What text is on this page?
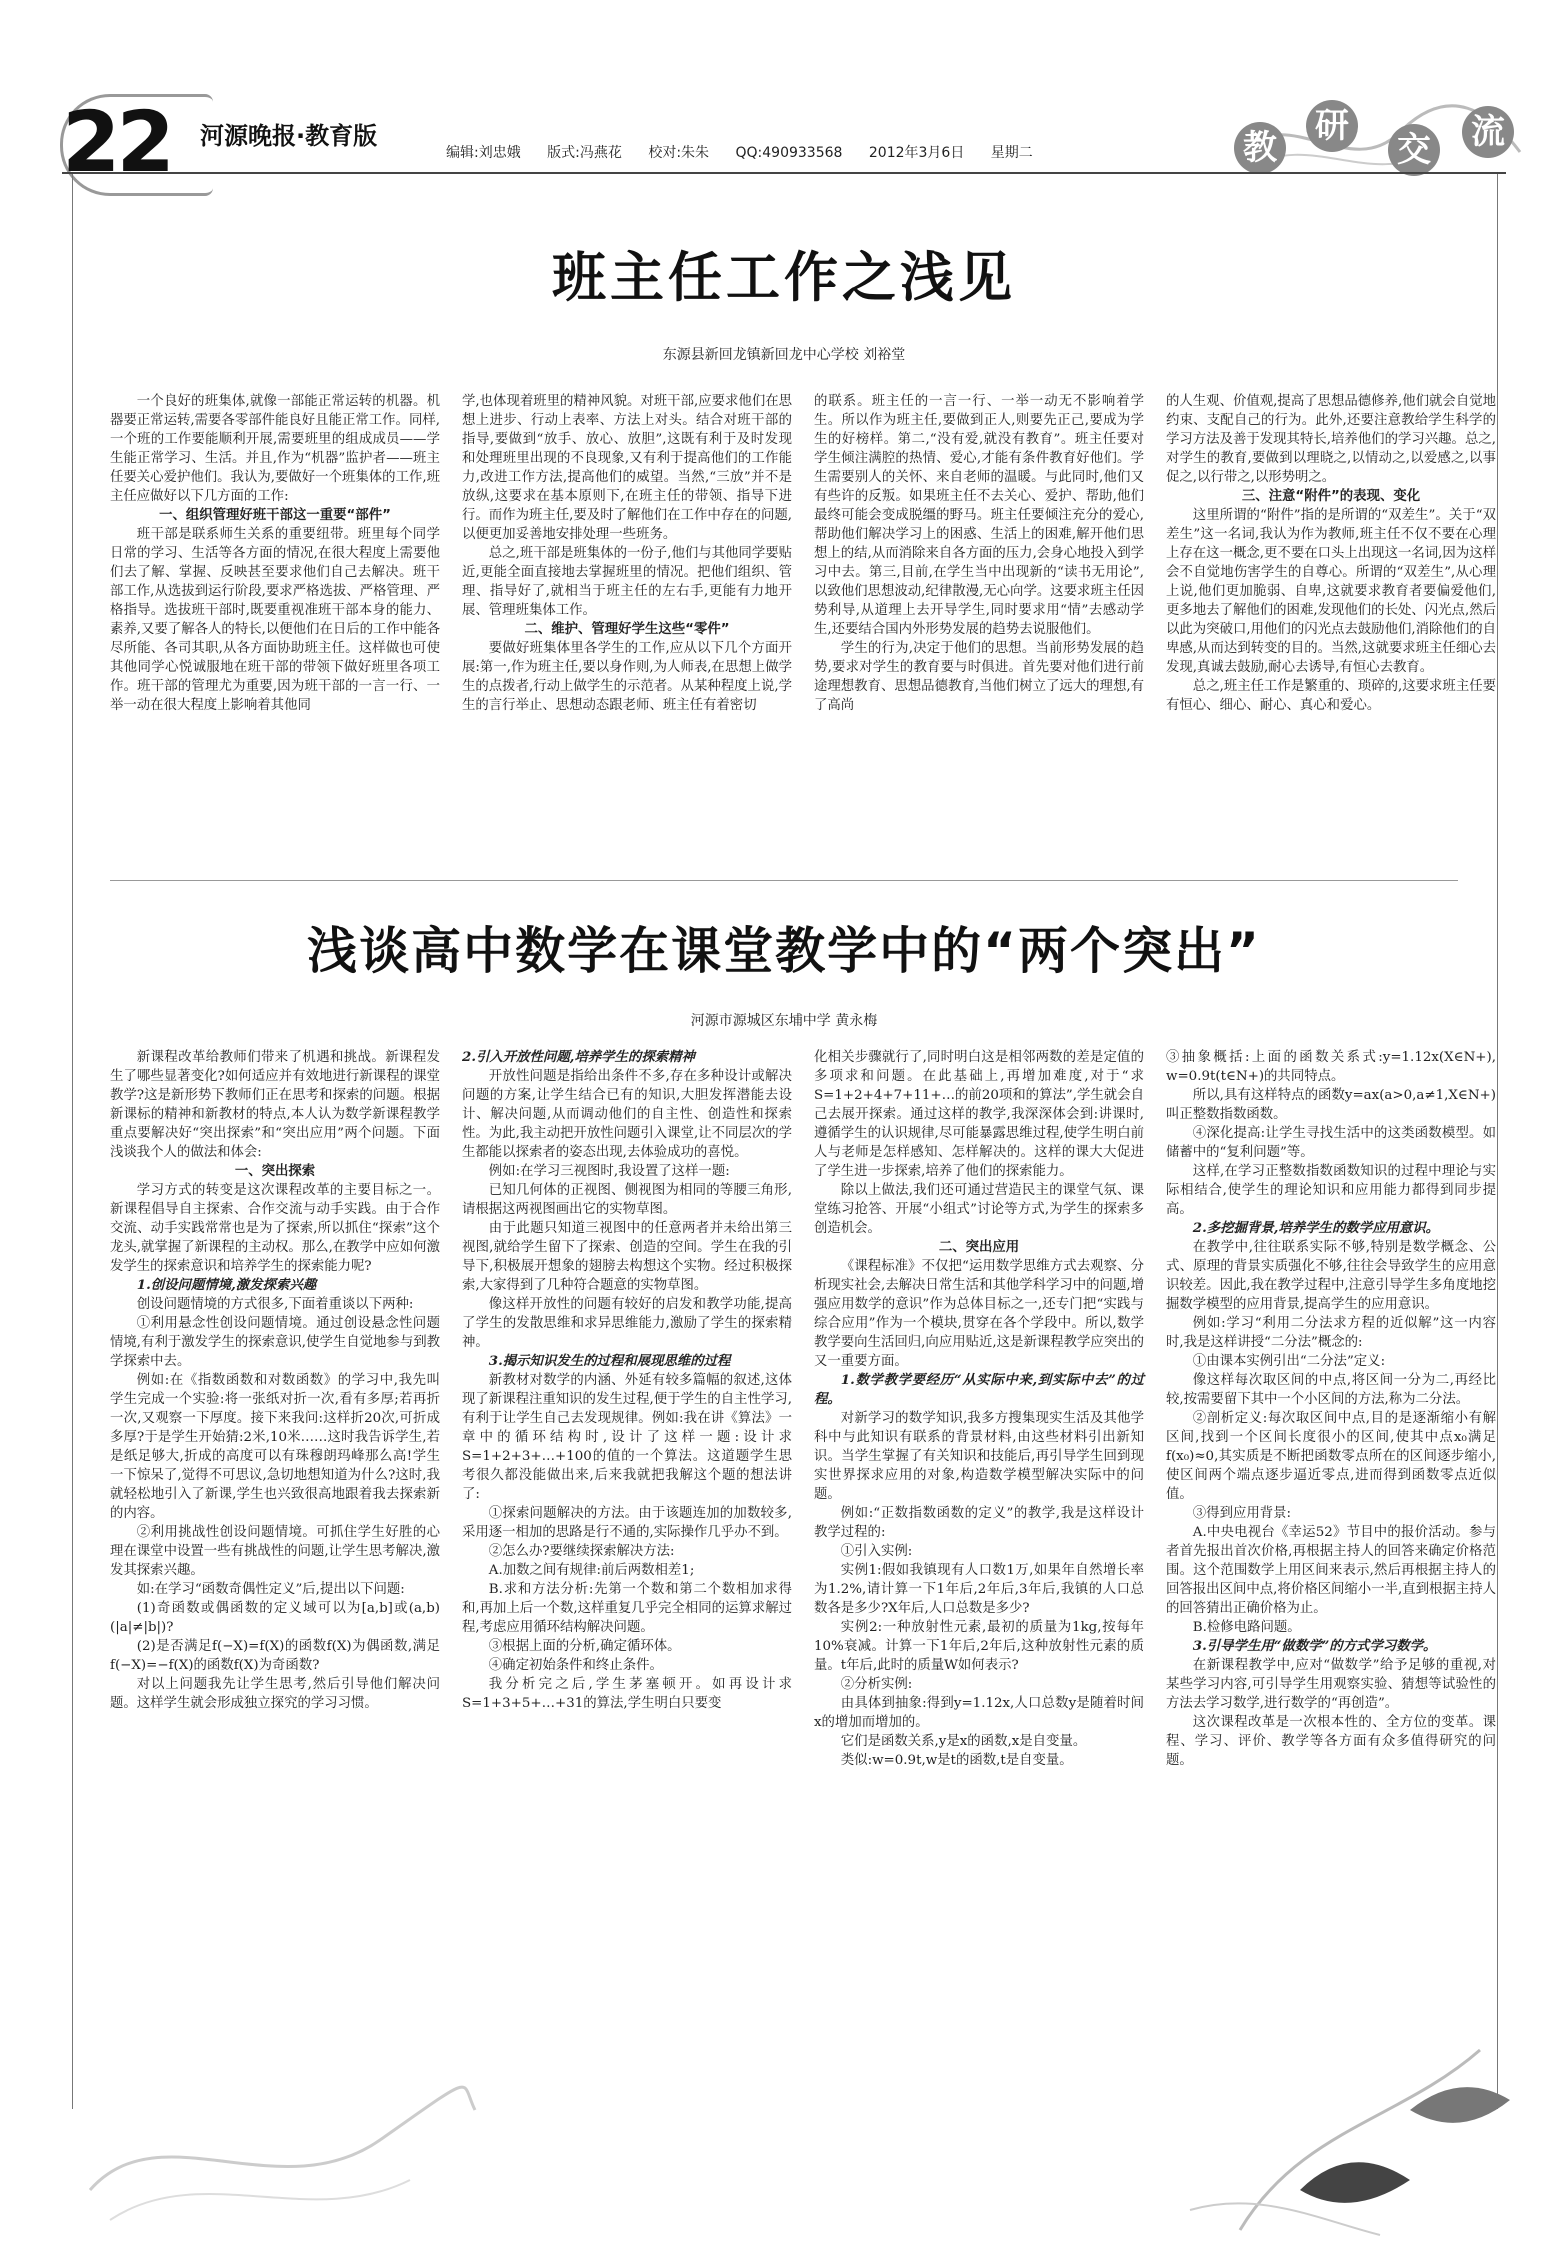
22	河源晚报·教育版
编辑:刘忠娥 版式:冯燕花 校对:朱朱 QQ:490933568 2012年3月6日 星期二	教
研
交 流
班主任工作之浅见
东源县新回龙镇新回龙中心学校 刘裕堂

一个良好的班集体,就像一部能正常运转的机器。机器要正常运转,需要各零部件能良好且能正常工作。同样,一个班的工作要能顺利开展,需要班里的组成成员——学生能正常学习、生活。并且,作为“机器”监护者——班主任要关心爱护他们。我认为,要做好一个班集体的工作,班主任应做好以下几方面的工作:

一、组织管理好班干部这一重要“部件”

班干部是联系师生关系的重要纽带。班里每个同学日常的学习、生活等各方面的情况,在很大程度上需要他们去了解、掌握、反映甚至要求他们自己去解决。班干部工作,从选拔到运行阶段,要求严格选拔、严格管理、严格指导。选拔班干部时,既要重视准班干部本身的能力、素养,又要了解各人的特长,以便他们在日后的工作中能各尽所能、各司其职,从各方面协助班主任。这样做也可使其他同学心悦诚服地在班干部的带领下做好班里各项工作。班干部的管理尤为重要,因为班干部的一言一行、一举一动在很大程度上影响着其他同

学,也体现着班里的精神风貌。对班干部,应要求他们在思想上进步、行动上表率、方法上对头。结合对班干部的指导,要做到“放手、放心、放胆”,这既有利于及时发现和处理班里出现的不良现象,又有利于提高他们的工作能力,改进工作方法,提高他们的威望。当然,“三放”并不是放纵,这要求在基本原则下,在班主任的带领、指导下进行。而作为班主任,要及时了解他们在工作中存在的问题,以便更加妥善地安排处理一些班务。

总之,班干部是班集体的一份子,他们与其他同学要贴近,更能全面直接地去掌握班里的情况。把他们组织、管理、指导好了,就相当于班主任的左右手,更能有力地开展、管理班集体工作。

二、维护、管理好学生这些“零件”

要做好班集体里各学生的工作,应从以下几个方面开展:第一,作为班主任,要以身作则,为人师表,在思想上做学生的点拨者,行动上做学生的示范者。从某种程度上说,学生的言行举止、思想动态跟老师、班主任有着密切

的联系。班主任的一言一行、一举一动无不影响着学生。所以作为班主任,要做到正人,则要先正己,要成为学生的好榜样。第二,“没有爱,就没有教育”。班主任要对学生倾注满腔的热情、爱心,才能有条件教育好他们。学生需要别人的关怀、来自老师的温暖。与此同时,他们又有些许的反叛。如果班主任不去关心、爱护、帮助,他们最终可能会变成脱缰的野马。班主任要倾注充分的爱心,帮助他们解决学习上的困惑、生活上的困难,解开他们思想上的结,从而消除来自各方面的压力,会身心地投入到学习中去。第三,目前,在学生当中出现新的“读书无用论”,以致他们思想波动,纪律散漫,无心向学。这要求班主任因势利导,从道理上去开导学生,同时要求用“情”去感动学生,还要结合国内外形势发展的趋势去说服他们。

学生的行为,决定于他们的思想。当前形势发展的趋势,要求对学生的教育要与时俱进。首先要对他们进行前途理想教育、思想品德教育,当他们树立了远大的理想,有了高尚

的人生观、价值观,提高了思想品德修养,他们就会自觉地约束、支配自己的行为。此外,还要注意教给学生科学的学习方法及善于发现其特长,培养他们的学习兴趣。总之,对学生的教育,要做到以理晓之,以情动之,以爱感之,以事促之,以行带之,以形势明之。

三、注意“附件”的表现、变化

这里所谓的“附件”指的是所谓的“双差生”。关于“双差生”这一名词,我认为作为教师,班主任不仅不要在心理上存在这一概念,更不要在口头上出现这一名词,因为这样会不自觉地伤害学生的自尊心。所谓的“双差生”,从心理上说,他们更加脆弱、自卑,这就要求教育者要偏爱他们,更多地去了解他们的困难,发现他们的长处、闪光点,然后以此为突破口,用他们的闪光点去鼓励他们,消除他们的自卑感,从而达到转变的目的。当然,这就要求班主任细心去发现,真诚去鼓励,耐心去诱导,有恒心去教育。

总之,班主任工作是繁重的、琐碎的,这要求班主任要有恒心、细心、耐心、真心和爱心。

浅谈高中数学在课堂教学中的“两个突出”
河源市源城区东埔中学 黄永梅

新课程改革给教师们带来了机遇和挑战。新课程发生了哪些显著变化?如何适应并有效地进行新课程的课堂教学?这是新形势下教师们正在思考和探索的问题。根据新课标的精神和新教材的特点,本人认为数学新课程教学重点要解决好“突出探索”和“突出应用”两个问题。下面浅谈我个人的做法和体会:

一、突出探索

学习方式的转变是这次课程改革的主要目标之一。新课程倡导自主探索、合作交流与动手实践。由于合作交流、动手实践常常也是为了探索,所以抓住“探索”这个龙头,就掌握了新课程的主动权。那么,在教学中应如何激发学生的探索意识和培养学生的探索能力呢?

1.创设问题情境,激发探索兴趣

创设问题情境的方式很多,下面着重谈以下两种:

①利用悬念性创设问题情境。通过创设悬念性问题情境,有利于激发学生的探索意识,使学生自觉地参与到教学探索中去。

例如:在《指数函数和对数函数》的学习中,我先叫学生完成一个实验:将一张纸对折一次,看有多厚;若再折一次,又观察一下厚度。接下来我问:这样折20次,可折成多厚?于是学生开始猜:2米,10米……这时我告诉学生,若是纸足够大,折成的高度可以有珠穆朗玛峰那么高!学生一下惊呆了,觉得不可思议,急切地想知道为什么?这时,我就轻松地引入了新课,学生也兴致很高地跟着我去探索新的内容。

②利用挑战性创设问题情境。可抓住学生好胜的心理在课堂中设置一些有挑战性的问题,让学生思考解决,激发其探索兴趣。

如:在学习“函数奇偶性定义”后,提出以下问题:

(1)奇函数或偶函数的定义域可以为[a,b]或(a,b)(|a|≠|b|)?

(2)是否满足f(−X)=f(X)的函数f(X)为偶函数,满足f(−X)=−f(X)的函数f(X)为奇函数?

对以上问题我先让学生思考,然后引导他们解决问题。这样学生就会形成独立探究的学习习惯。

2.引入开放性问题,培养学生的探索精神

开放性问题是指给出条件不多,存在多种设计或解决问题的方案,让学生结合已有的知识,大胆发挥潜能去设计、解决问题,从而调动他们的自主性、创造性和探索性。为此,我主动把开放性问题引入课堂,让不同层次的学生都能以探索者的姿态出现,去体验成功的喜悦。

例如:在学习三视图时,我设置了这样一题:

已知几何体的正视图、侧视图为相同的等腰三角形,请根据这两视图画出它的实物草图。

由于此题只知道三视图中的任意两者并未给出第三视图,就给学生留下了探索、创造的空间。学生在我的引导下,积极展开想象的翅膀去构想这个实物。经过积极探索,大家得到了几种符合题意的实物草图。

像这样开放性的问题有较好的启发和教学功能,提高了学生的发散思维和求异思维能力,激励了学生的探索精神。

3.揭示知识发生的过程和展现思维的过程

新教材对数学的内涵、外延有较多篇幅的叙述,这体现了新课程注重知识的发生过程,便于学生的自主性学习,有利于让学生自己去发现规律。例如:我在讲《算法》一章中的循环结构时,设计了这样一题:设计求S=1+2+3+…+100的值的一个算法。这道题学生思考很久都没能做出来,后来我就把我解这个题的想法讲了:

①探索问题解决的方法。由于该题连加的加数较多,采用逐一相加的思路是行不通的,实际操作几乎办不到。

②怎么办?要继续探索解决方法:

A.加数之间有规律:前后两数相差1;

B.求和方法分析:先第一个数和第二个数相加求得和,再加上后一个数,这样重复几乎完全相同的运算求解过程,考虑应用循环结构解决问题。

③根据上面的分析,确定循环体。

④确定初始条件和终止条件。

我分析完之后,学生茅塞顿开。如再设计求S=1+3+5+…+31的算法,学生明白只要变

化相关步骤就行了,同时明白这是相邻两数的差是定值的多项求和问题。在此基础上,再增加难度,对于“求S=1+2+4+7+11+…的前20项和的算法”,学生就会自己去展开探索。通过这样的教学,我深深体会到:讲课时,遵循学生的认识规律,尽可能暴露思维过程,使学生明白前人与老师是怎样感知、怎样解决的。这样的课大大促进了学生进一步探索,培养了他们的探索能力。

除以上做法,我们还可通过营造民主的课堂气氛、课堂练习抢答、开展“小组式”讨论等方式,为学生的探索多创造机会。

二、突出应用

《课程标准》不仅把“运用数学思维方式去观察、分析现实社会,去解决日常生活和其他学科学习中的问题,增强应用数学的意识”作为总体目标之一,还专门把“实践与综合应用”作为一个模块,贯穿在各个学段中。所以,数学教学要向生活回归,向应用贴近,这是新课程教学应突出的又一重要方面。

1.数学教学要经历“从实际中来,到实际中去”的过程。

对新学习的数学知识,我多方搜集现实生活及其他学科中与此知识有联系的背景材料,由这些材料引出新知识。当学生掌握了有关知识和技能后,再引导学生回到现实世界探求应用的对象,构造数学模型解决实际中的问题。

例如:“正数指数函数的定义”的教学,我是这样设计教学过程的:

①引入实例:

实例1:假如我镇现有人口数1万,如果年自然增长率为1.2%,请计算一下1年后,2年后,3年后,我镇的人口总数各是多少?X年后,人口总数是多少?

实例2:一种放射性元素,最初的质量为1kg,按每年10%衰减。计算一下1年后,2年后,这种放射性元素的质量。t年后,此时的质量W如何表示?

②分析实例:

由具体到抽象:得到y=1.12x,人口总数y是随着时间x的增加而增加的。

它们是函数关系,y是x的函数,x是自变量。

类似:w=0.9t,w是t的函数,t是自变量。

③抽象概括:上面的函数关系式:y=1.12x(X∈N+), w=0.9t(t∈N+)的共同特点。

所以,具有这样特点的函数y=ax(a>0,a≠1,X∈N+)叫正整数指数函数。

④深化提高:让学生寻找生活中的这类函数模型。如储蓄中的“复利问题”等。

这样,在学习正整数指数函数知识的过程中理论与实际相结合,使学生的理论知识和应用能力都得到同步提高。

2.多挖掘背景,培养学生的数学应用意识。

在教学中,往往联系实际不够,特别是数学概念、公式、原理的背景实质强化不够,往往会导致学生的应用意识较差。因此,我在教学过程中,注意引导学生多角度地挖掘数学模型的应用背景,提高学生的应用意识。

例如:学习“利用二分法求方程的近似解”这一内容时,我是这样讲授“二分法”概念的:

①由课本实例引出“二分法”定义:

像这样每次取区间的中点,将区间一分为二,再经比较,按需要留下其中一个小区间的方法,称为二分法。

②剖析定义:每次取区间中点,目的是逐渐缩小有解区间,找到一个区间长度很小的区间,使其中点x₀满足f(x₀)≈0,其实质是不断把函数零点所在的区间逐步缩小,使区间两个端点逐步逼近零点,进而得到函数零点近似值。

③得到应用背景:

A.中央电视台《幸运52》节目中的报价活动。参与者首先报出首次价格,再根据主持人的回答来确定价格范围。这个范围数学上用区间来表示,然后再根据主持人的回答报出区间中点,将价格区间缩小一半,直到根据主持人的回答猜出正确价格为止。

B.检修电路问题。

3.引导学生用“做数学”的方式学习数学。

在新课程教学中,应对“做数学”给予足够的重视,对某些学习内容,可引导学生用观察实验、猜想等试验性的方法去学习数学,进行数学的“再创造”。

这次课程改革是一次根本性的、全方位的变革。课程、学习、评价、教学等各方面有众多值得研究的问题。
